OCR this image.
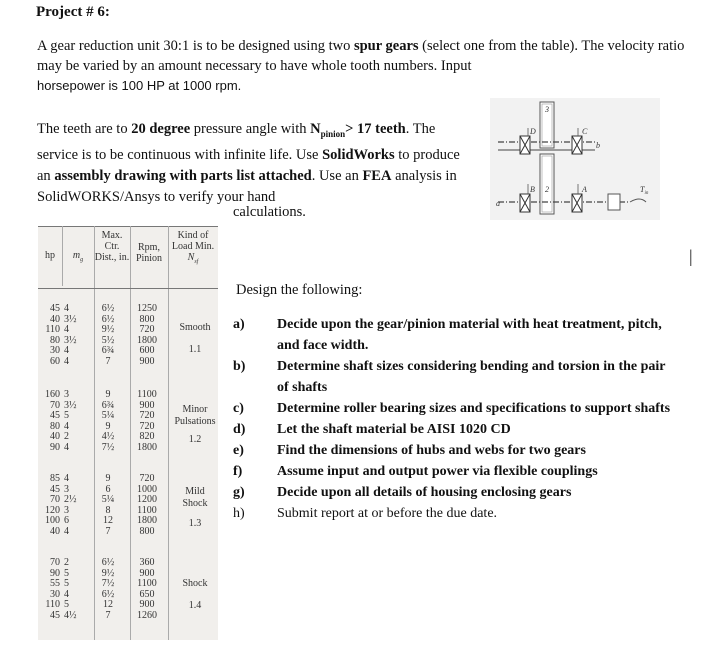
Project # 6:
A gear reduction unit 30:1 is to be designed using two spur gears (select one from the table). The velocity ratio may be varied by an amount necessary to have whole tooth numbers. Input
horsepower is 100 HP at 1000 rpm.
The teeth are to 20 degree pressure angle with $N_{pinion}> 17$ teeth. The service is to be continuous with infinite life. Use SolidWorks to produce an assembly drawing with parts list attached. Use an FEA analysis in SolidWORKS/Ansys to verify your hand
calculations.
|
3
D	C
b
B 2	A
a
$T_{in}$
hp	$m_g$
Max. Ctr. Dist., in.
Rpm, Pinion
Kind of Load Min.
$N_{sf}$
45 4	6½	1250
40 3½	6½	800
110 4	9½	720
80 3½	5½	1800
30 4	6¾	600
60 4	7	900
Smooth
1.1
160 3	9	1100
70 3½	6¾	900
45 5	5¼	720
80 4	9	720
40 2	4½	820
90 4	7½	1800
Minor Pulsations
1.2
85 4	9	720
45 3	6	1000
70 2½	5¼	1200
120 3	8	1100
100 6	12	1800
40 4	7	800
Mild Shock
1.3
70 2	6½	360
90 5	9½	900
55 5	7½	1100
30 4	6½	650
110 5	12	900
45 4½	7	1260
Shock
1.4
Design the following:
a) Decide upon the gear/pinion material with heat treatment, pitch, and face width.
b) Determine shaft sizes considering bending and torsion in the pair of shafts
c) Determine roller bearing sizes and specifications to support shafts
d) Let the shaft material be AISI 1020 CD
e) Find the dimensions of hubs and webs for two gears
f) Assume input and output power via flexible couplings
g) Decide upon all details of housing enclosing gears
h) Submit report at or before the due date.
